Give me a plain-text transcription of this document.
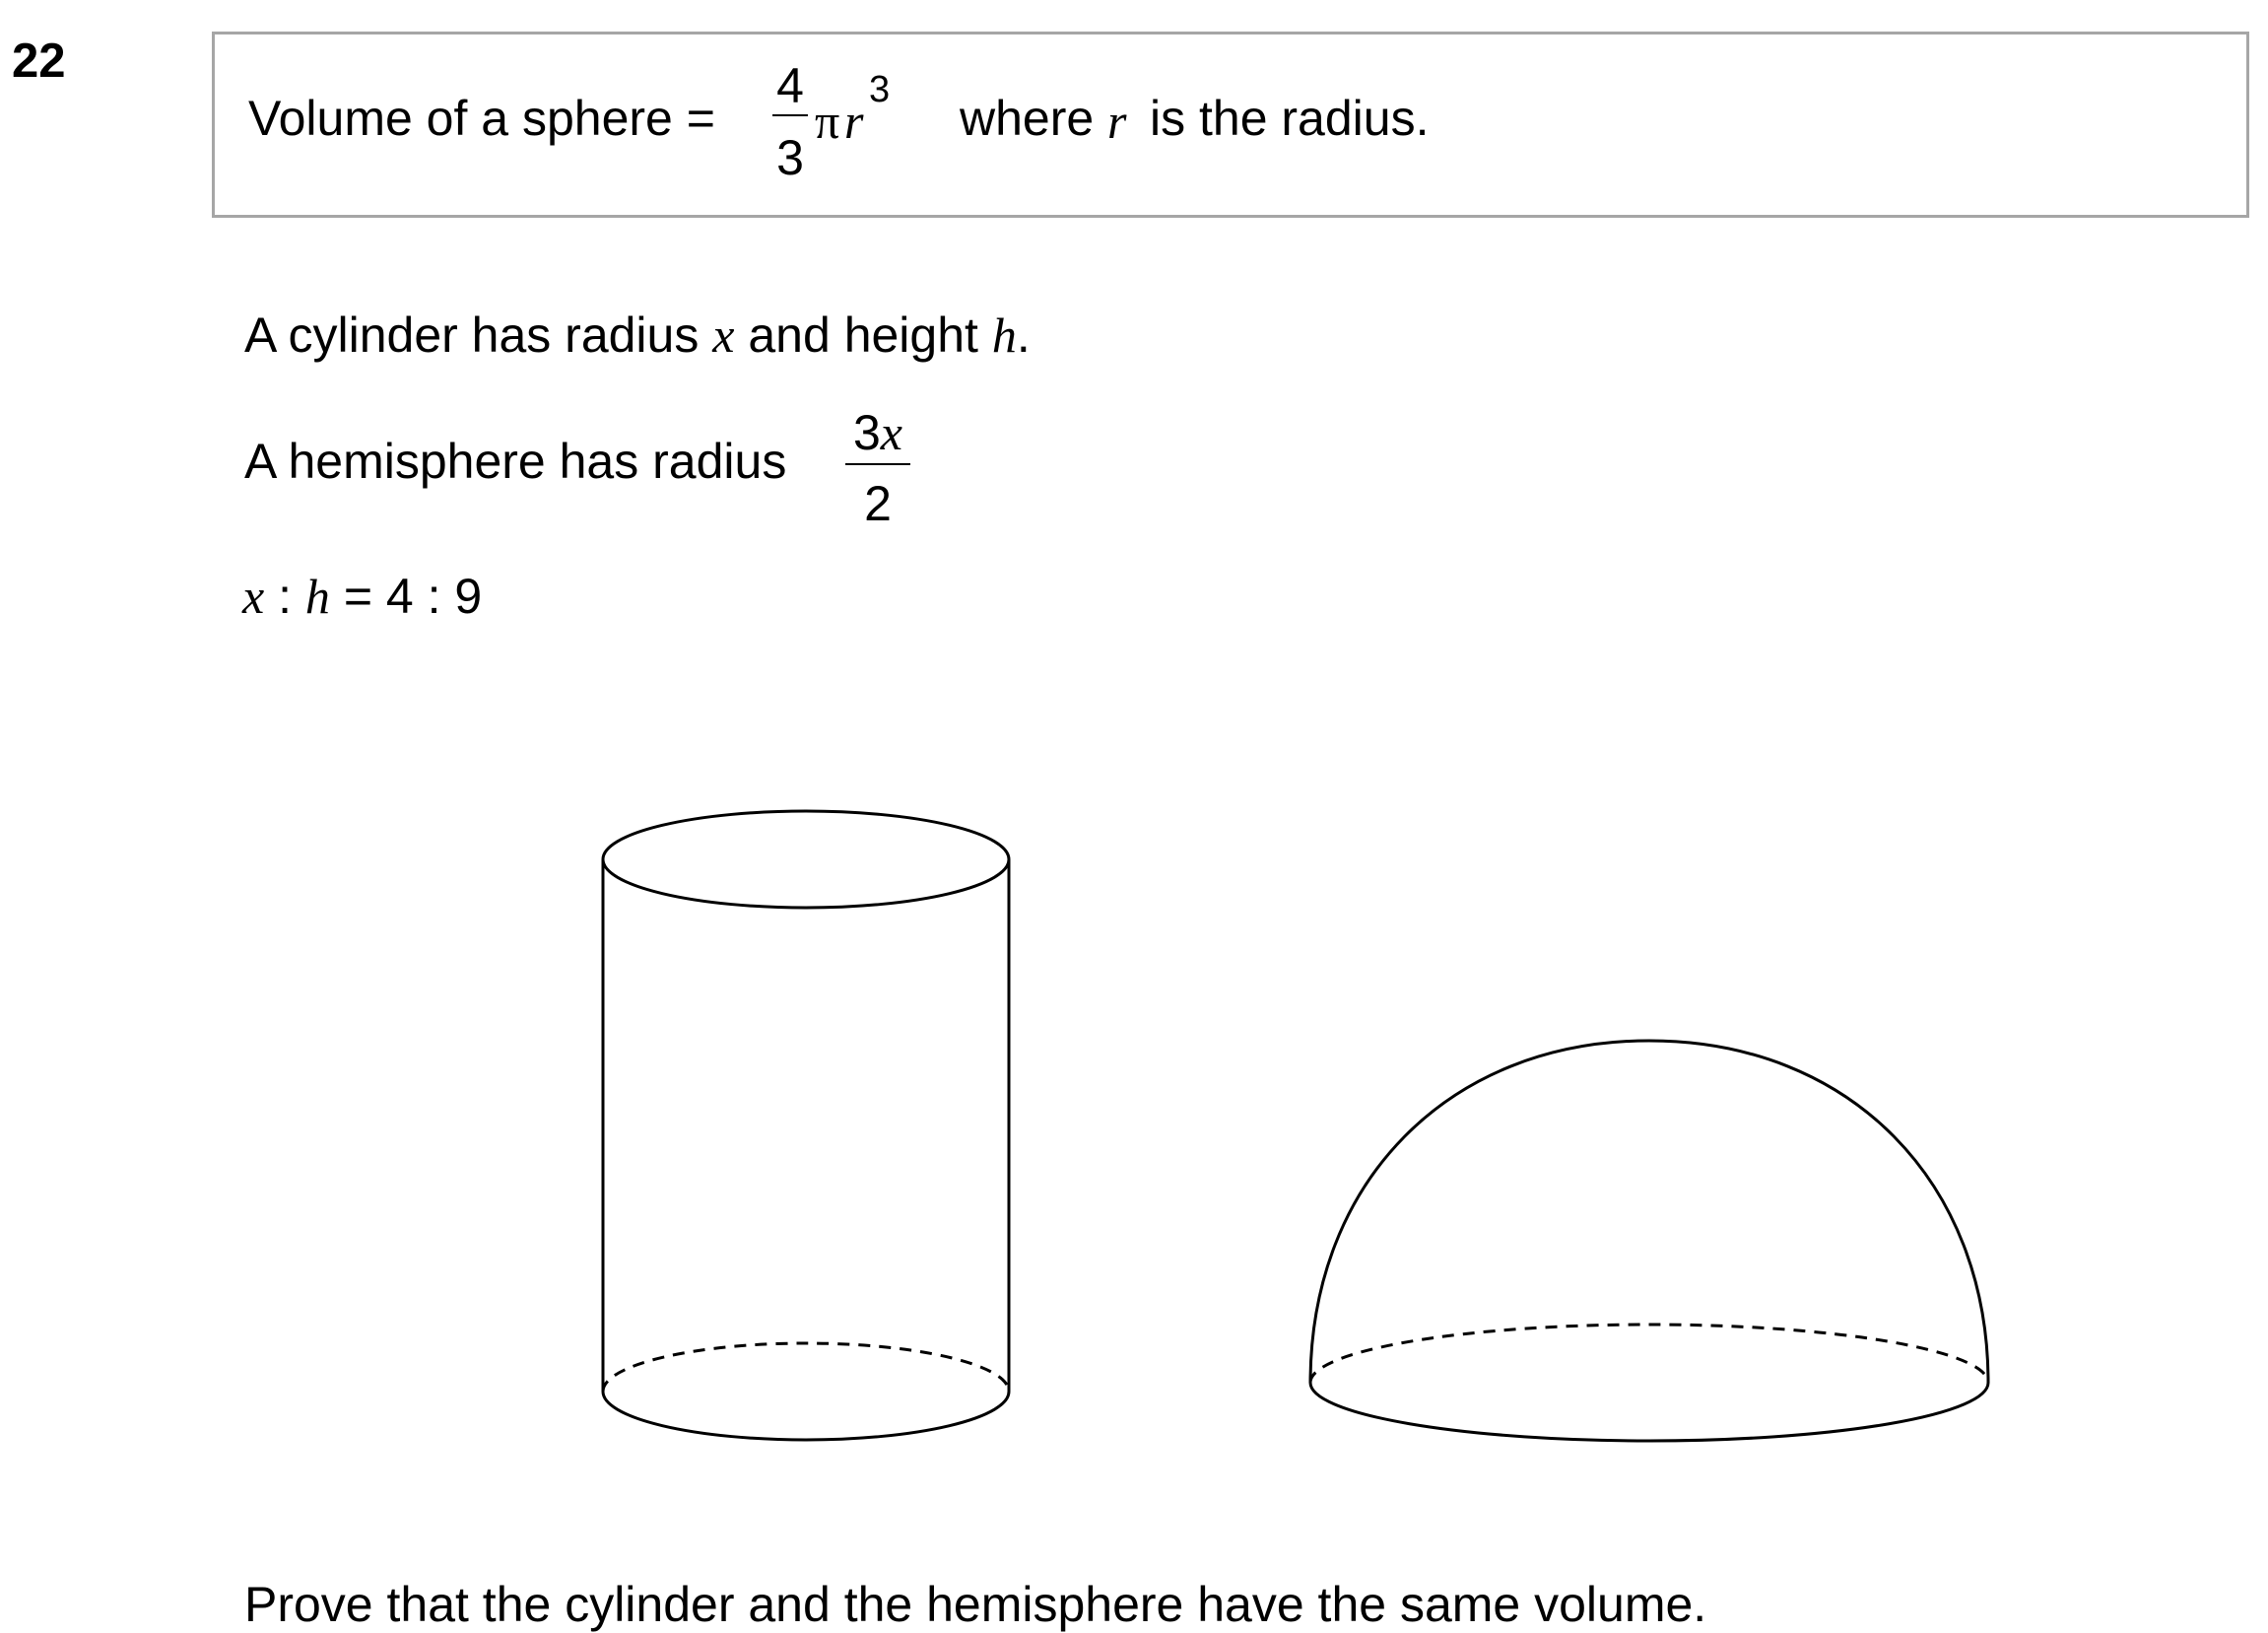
22
Volume of a sphere =
4
3
π r
3
where r is the radius.
A cylinder has radius x and height h.
A hemisphere has radius
3x
2
x : h = 4 : 9
Prove that the cylinder and the hemisphere have the same volume.
